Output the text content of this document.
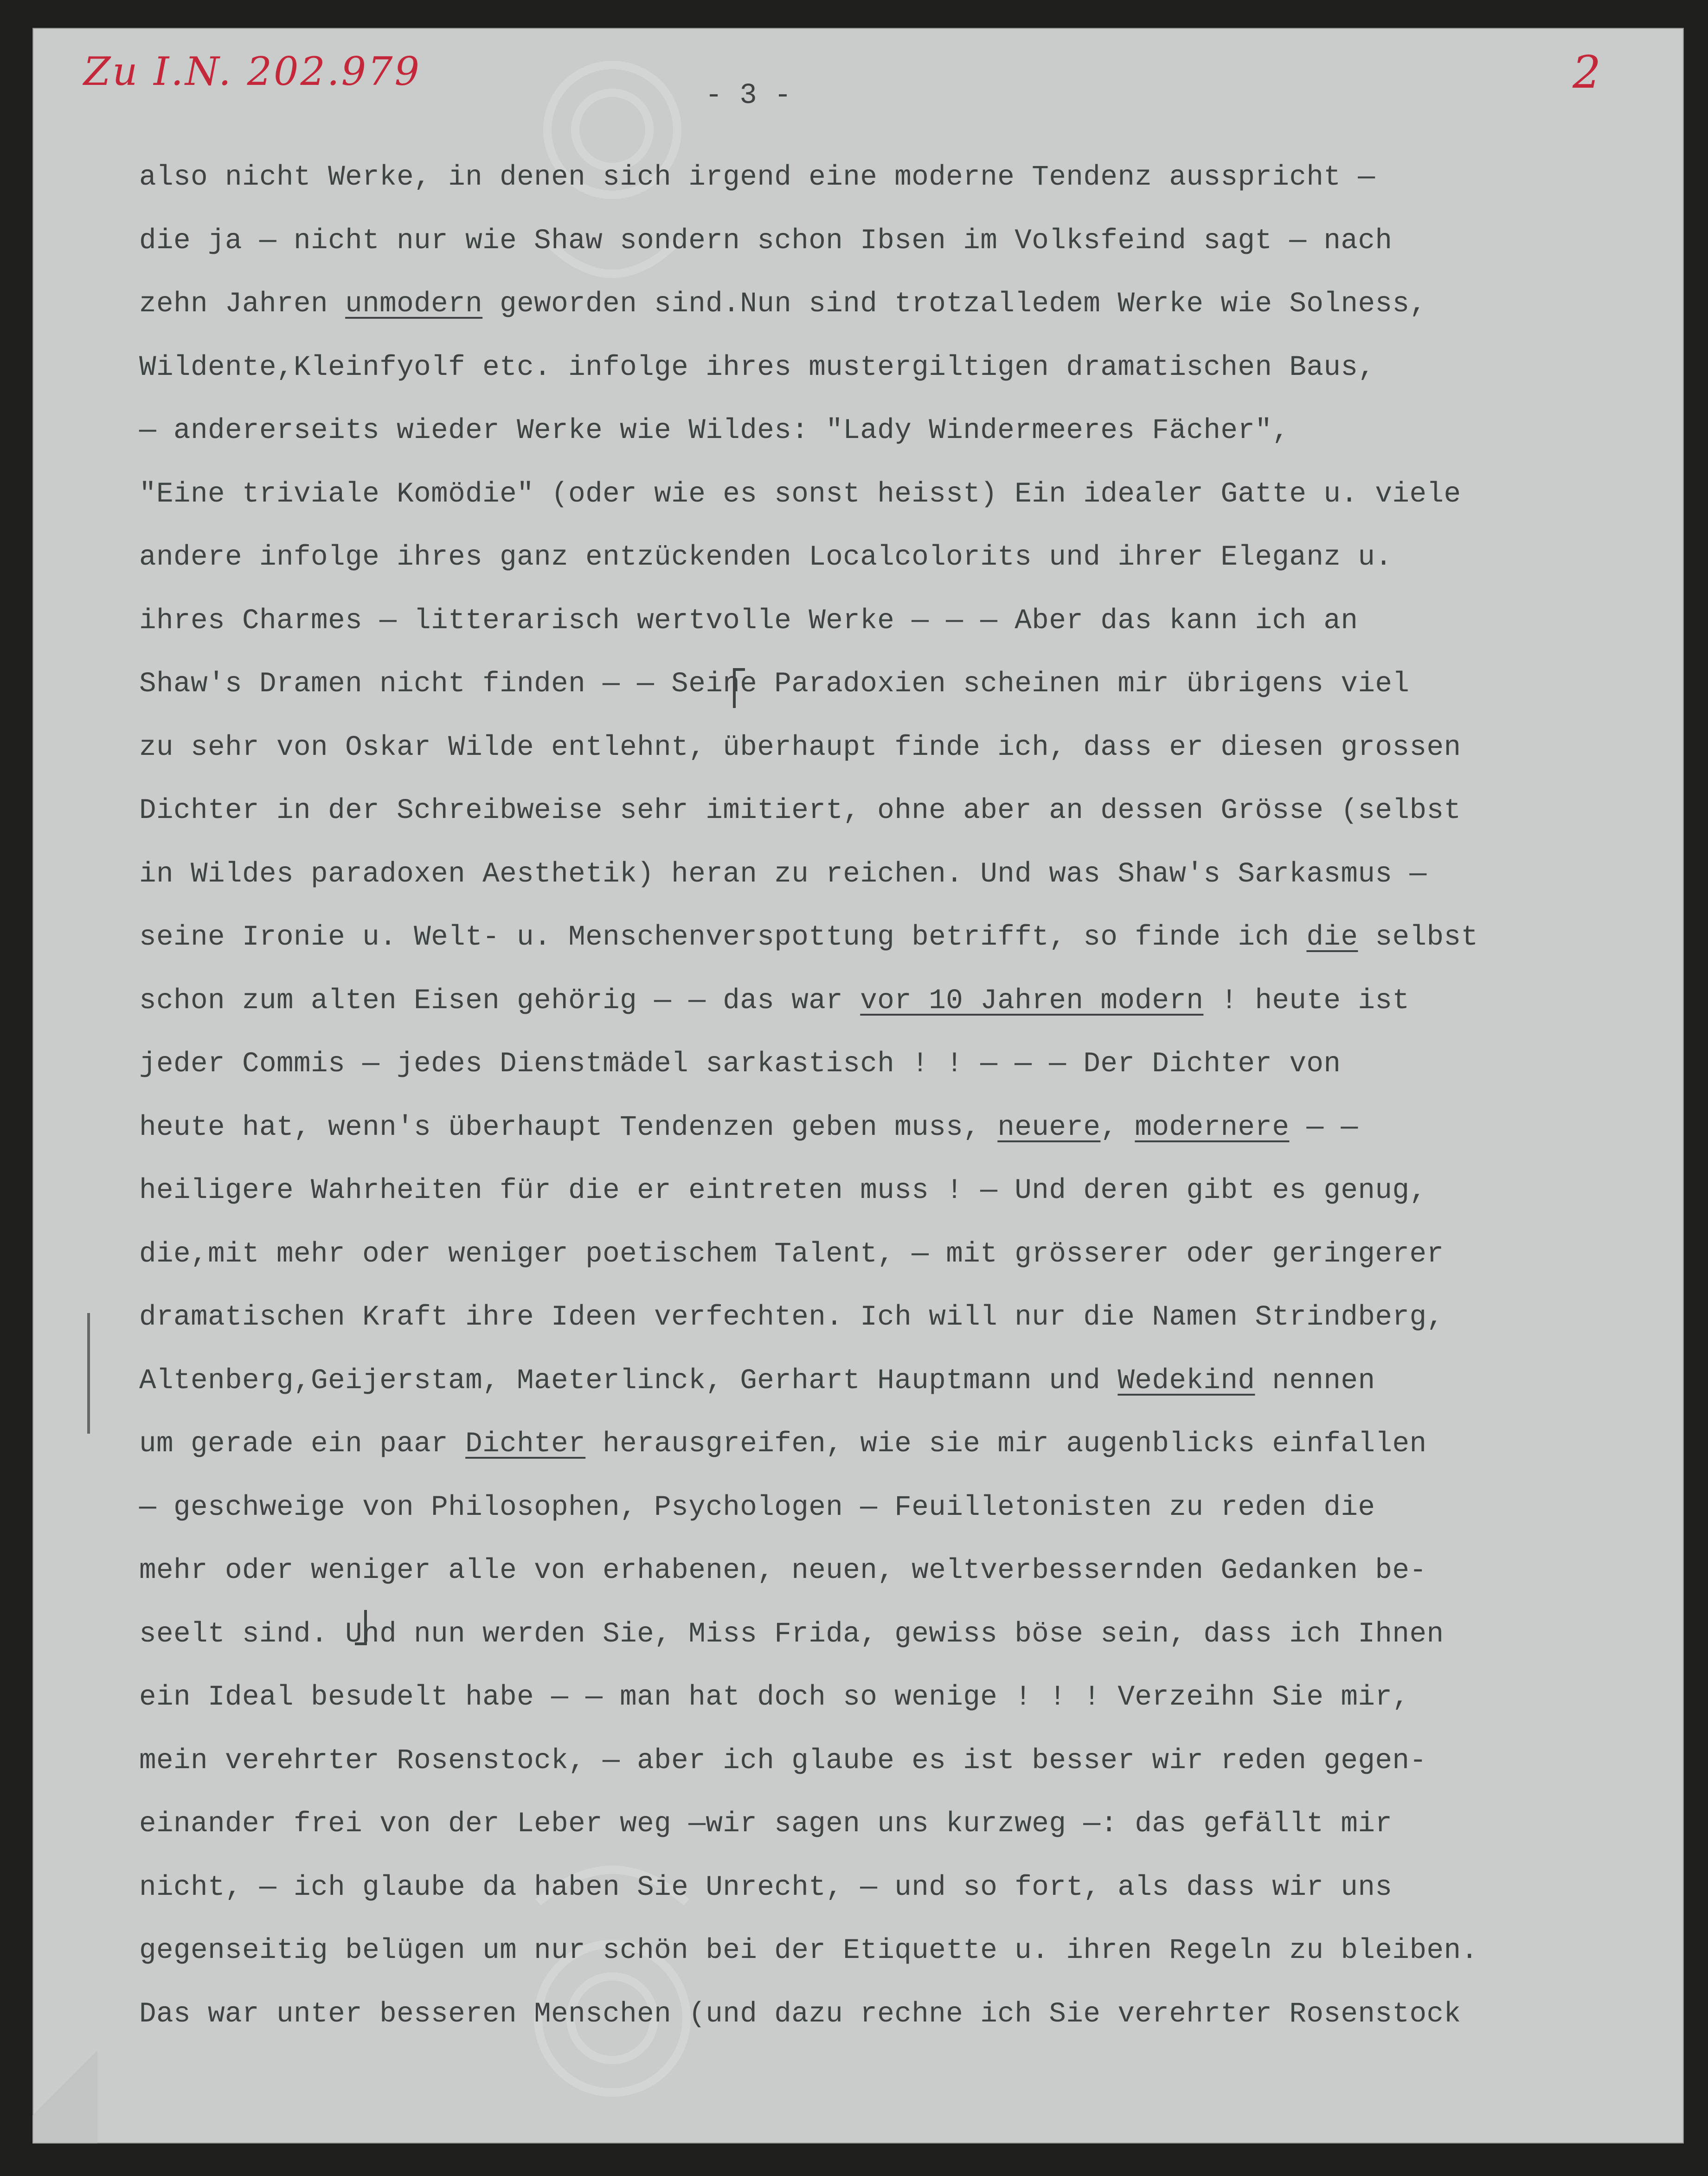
Zu I.N. 202.979	2
- 3 -
also nicht Werke, in denen sich irgend eine moderne Tendenz ausspricht —
die ja — nicht nur wie Shaw sondern schon Ibsen im Volksfeind sagt — nach
zehn Jahren unmodern geworden sind.Nun sind trotzalledem Werke wie Solness,
Wildente,Kleinfyolf etc. infolge ihres mustergiltigen dramatischen Baus,
— andererseits wieder Werke wie Wildes: "Lady Windermeeres Fächer",
"Eine triviale Komödie" (oder wie es sonst heisst) Ein idealer Gatte u. viele
andere infolge ihres ganz entzückenden Localcolorits und ihrer Eleganz u.
ihres Charmes — litterarisch wertvolle Werke — — — Aber das kann ich an
Shaw's Dramen nicht finden — — Seine Paradoxien scheinen mir übrigens viel
zu sehr von Oskar Wilde entlehnt, überhaupt finde ich, dass er diesen grossen
Dichter in der Schreibweise sehr imitiert, ohne aber an dessen Grösse (selbst
in Wildes paradoxen Aesthetik) heran zu reichen. Und was Shaw's Sarkasmus —
seine Ironie u. Welt- u. Menschenverspottung betrifft, so finde ich die selbst
schon zum alten Eisen gehörig — — das war vor 10 Jahren modern ! heute ist
jeder Commis — jedes Dienstmädel sarkastisch ! ! — — — Der Dichter von
heute hat, wenn's überhaupt Tendenzen geben muss, neuere, modernere — —
heiligere Wahrheiten für die er eintreten muss ! — Und deren gibt es genug,
die,mit mehr oder weniger poetischem Talent, — mit grösserer oder geringerer
dramatischen Kraft ihre Ideen verfechten. Ich will nur die Namen Strindberg,
Altenberg,Geijerstam, Maeterlinck, Gerhart Hauptmann und Wedekind nennen
um gerade ein paar Dichter herausgreifen, wie sie mir augenblicks einfallen
— geschweige von Philosophen, Psychologen — Feuilletonisten zu reden die
mehr oder weniger alle von erhabenen, neuen, weltverbessernden Gedanken be-
seelt sind. Und nun werden Sie, Miss Frida, gewiss böse sein, dass ich Ihnen
ein Ideal besudelt habe — — man hat doch so wenige ! ! ! Verzeihn Sie mir,
mein verehrter Rosenstock, — aber ich glaube es ist besser wir reden gegen-
einander frei von der Leber weg —wir sagen uns kurzweg —: das gefällt mir
nicht, — ich glaube da haben Sie Unrecht, — und so fort, als dass wir uns
gegenseitig belügen um nur schön bei der Etiquette u. ihren Regeln zu bleiben.
Das war unter besseren Menschen (und dazu rechne ich Sie verehrter Rosenstock
